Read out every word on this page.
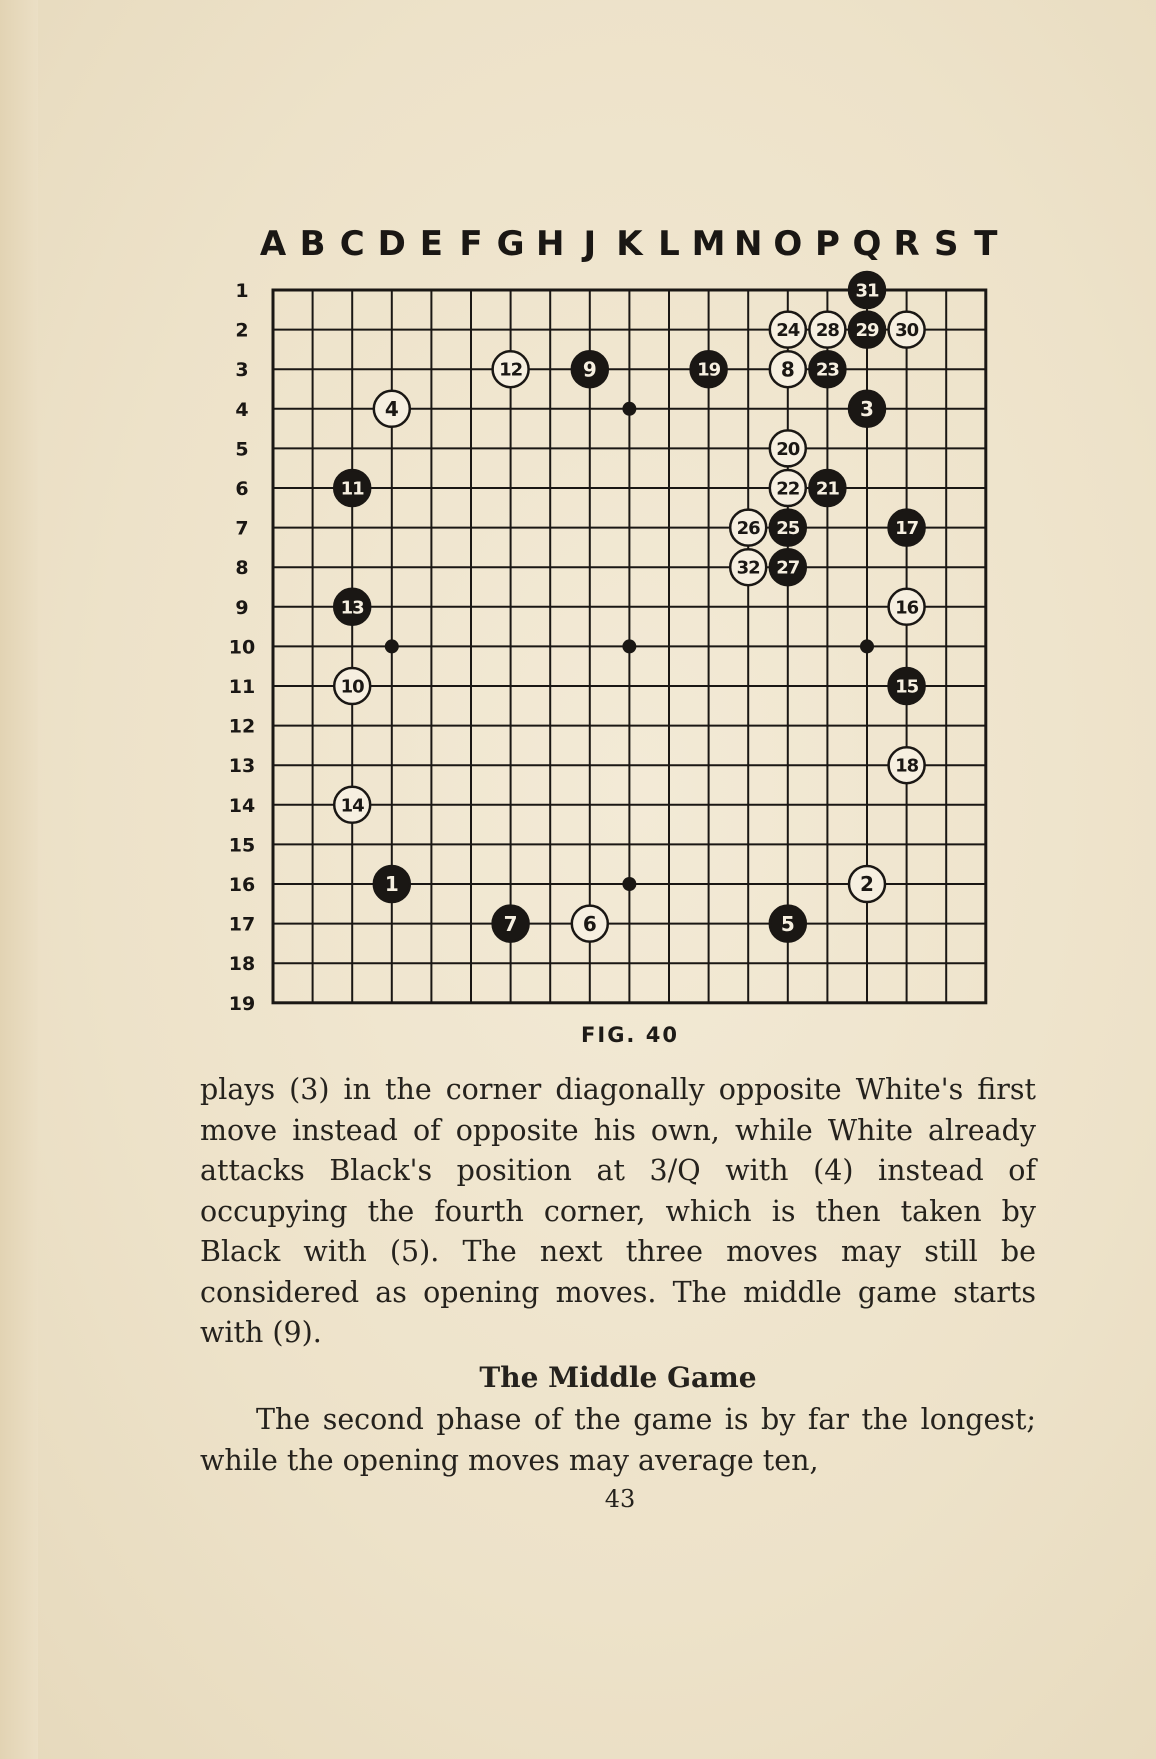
A B C D E F G H J K L M N O P Q R S T
1
2
3
4
5
6
7
8
9
10
11
12
13
14
15
16
17
18
19
1	2
3
4
5
6
7
8
9
10
11
12
13
14
15
16
17
18
19
20
21
22
23
24
25
26
27
28 29 30
31
32
FIG. 40

plays (3) in the corner diagonally opposite White's first move instead of opposite his own, while White already attacks Black's position at 3/Q with (4) instead of occupying the fourth corner, which is then taken by Black with (5). The next three moves may still be considered as opening moves. The middle game starts with (9).

The Middle Game

The second phase of the game is by far the longest; while the opening moves may average ten,

43
